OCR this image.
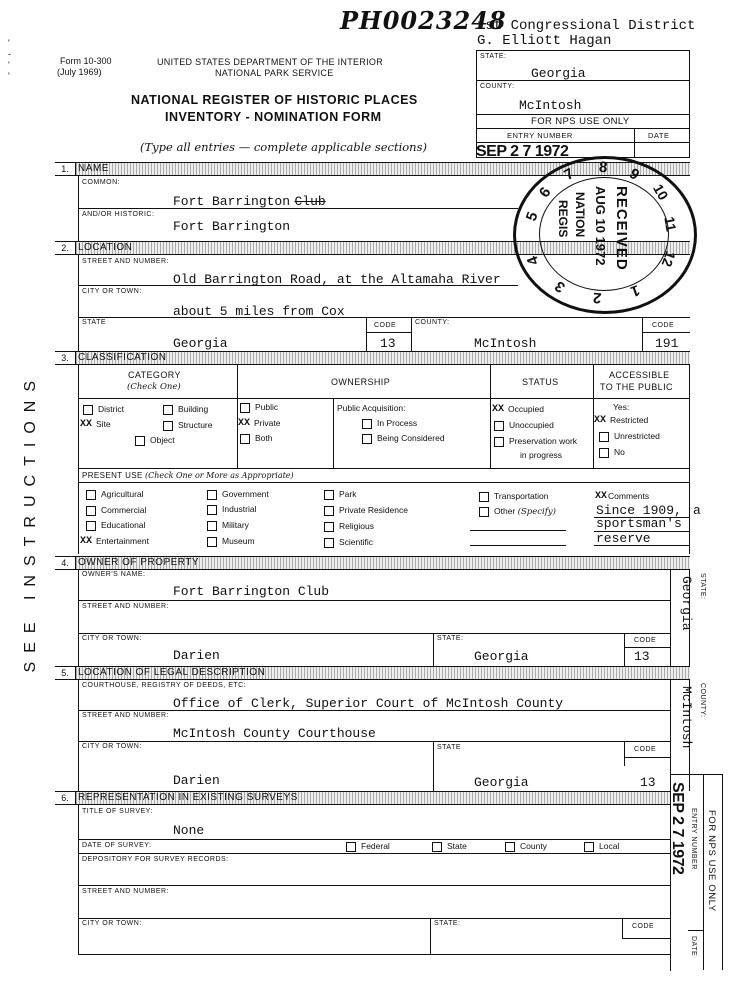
'
-
'
'
PH0023248
1st Congressional District
G. Elliott Hagan
Form 10-300
(July 1969)
UNITED STATES DEPARTMENT OF THE INTERIOR
NATIONAL PARK SERVICE
NATIONAL REGISTER OF HISTORIC PLACES
INVENTORY - NOMINATION FORM
(Type all entries — complete applicable sections)
STATE:
Georgia
COUNTY:
McIntosh
FOR NPS USE ONLY
ENTRY NUMBER	DATE
SEP 2 7 1972
SEE INSTRUCTIONS
1. NAME
COMMON:
Fort Barrington Club
AND/OR HISTORIC:
Fort Barrington
2. LOCATION
STREET AND NUMBER:
Old Barrington Road, at the Altamaha River
CITY OR TOWN:
about 5 miles from Cox
STATE
Georgia
CODE
13
COUNTY:
McIntosh
CODE
191
5
6
7 8 9
10
11
12
1
2
3
4	RECEIVED
AUG 10 1972
NATION
REGIS
3. CLASSIFICATION
CATEGORY
(Check One)	OWNERSHIP	STATUS
ACCESSIBLE
TO THE PUBLIC
District	Building
XX Site	Structure
Object
Public
XX Private
Both
Public Acquisition:
In Process
Being Considered
XX Occupied
Unoccupied
Preservation work
in progress
Yes:
XX Restricted
Unrestricted
No
PRESENT USE (Check One or More as Appropriate)
Agricultural
Commercial
Educational
XX Entertainment
Government
Industrial
Military
Museum
Park
Private Residence
Religious
Scientific
Transportation
Other (Specify)
XXComments
Since 1909, a
sportsman's
reserve
4. OWNER OF PROPERTY
OWNER'S NAME:
Fort Barrington Club
STREET AND NUMBER:
CITY OR TOWN:
Darien
STATE:
Georgia
CODE
13
STATE:
Georgia
5. LOCATION OF LEGAL DESCRIPTION
COURTHOUSE, REGISTRY OF DEEDS, ETC:
Office of Clerk, Superior Court of McIntosh County
STREET AND NUMBER:
McIntosh County Courthouse
CITY OR TOWN:
Darien
STATE
Georgia
CODE
13
COUNTY:
McIntosh
6. REPRESENTATION IN EXISTING SURVEYS
TITLE OF SURVEY:
None
DATE OF SURVEY:	Federal	State	County	Local
DEPOSITORY FOR SURVEY RECORDS:
STREET AND NUMBER:
CITY OR TOWN:	STATE:	CODE
FOR NPS USE ONLY
ENTRY NUMBER
DATE
SEP 2 7 1972
